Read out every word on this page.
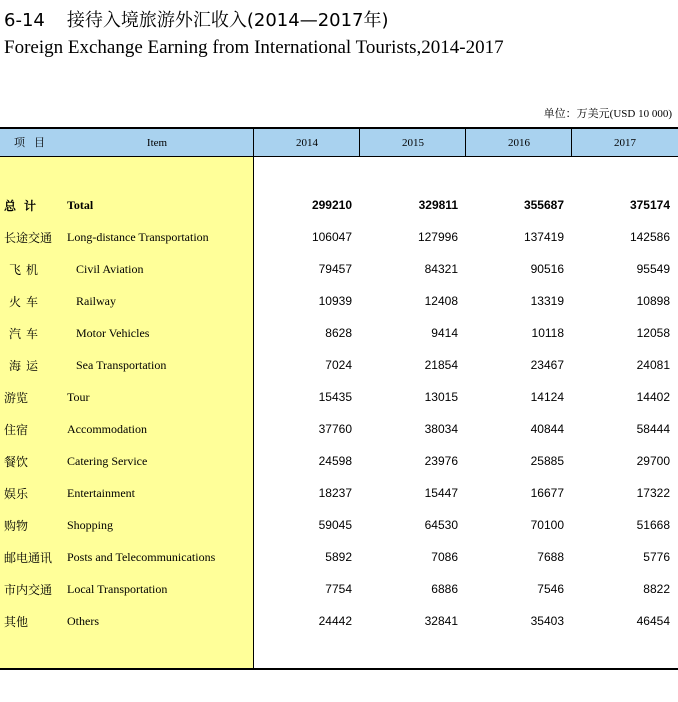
6-14 接待入境旅游外汇收入(2014—2017年)
Foreign Exchange Earning from International Tourists,2014-2017
单位：万美元(USD 10 000)
项目	Item	2014	2015	2016	2017
总计 Total	299210	329811	355687	375174
长途交通 Long-distance Transportation	106047	127996	137419	142586
飞机	Civil Aviation	79457	84321	90516	95549
火车	Railway	10939	12408	13319	10898
汽车	Motor Vehicles	8628	9414	10118	12058
海运	Sea Transportation	7024	21854	23467	24081
游览	Tour	15435	13015	14124	14402
住宿	Accommodation	37760	38034	40844	58444
餐饮	Catering Service	24598	23976	25885	29700
娱乐	Entertainment	18237	15447	16677	17322
购物	Shopping	59045	64530	70100	51668
邮电通讯 Posts and Telecommunications	5892	7086	7688	5776
市内交通 Local Transportation	7754	6886	7546	8822
其他	Others	24442	32841	35403	46454
